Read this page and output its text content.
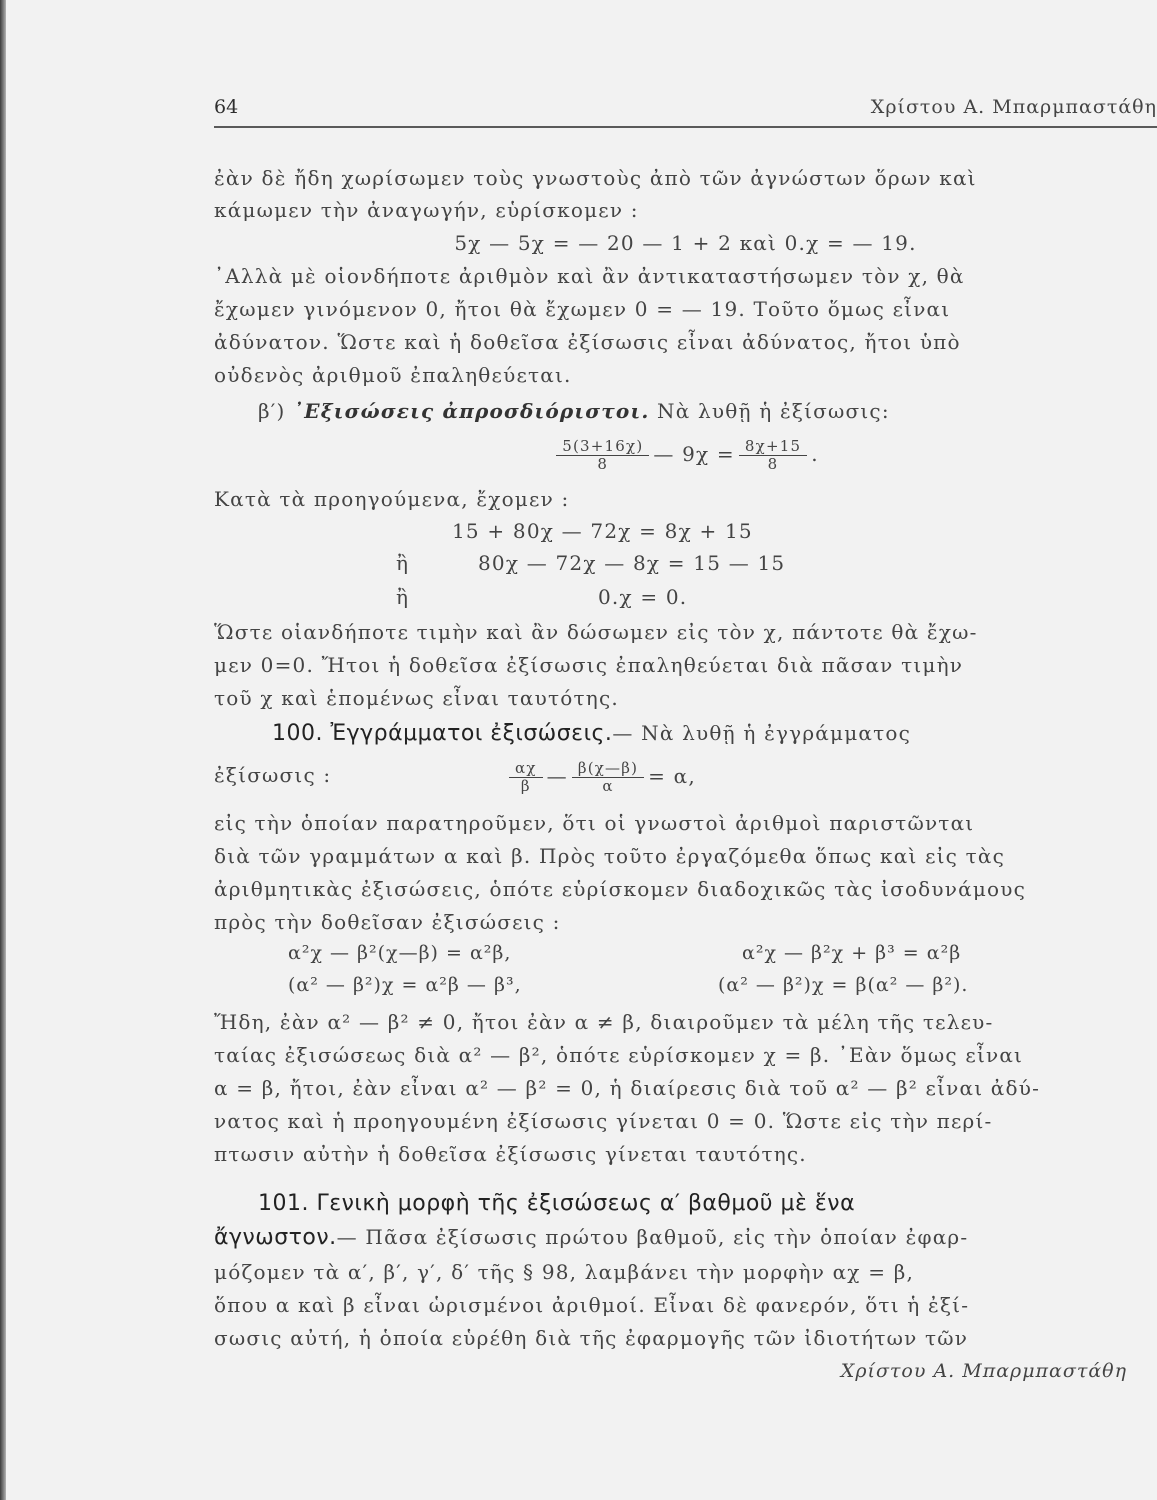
64	Χρίστου Α. Μπαρμπαστάθη
ἐὰν δὲ ἤδη χωρίσωμεν τοὺς γνωστοὺς ἀπὸ τῶν ἀγνώστων ὅρων καὶ
κάμωμεν τὴν ἀναγωγήν, εὑρίσκομεν :
5χ — 5χ = — 20 — 1 + 2 καὶ 0.χ = — 19.
᾿Αλλὰ μὲ οἱονδήποτε ἀριθμὸν καὶ ἂν ἀντικαταστήσωμεν τὸν χ, θὰ
ἔχωμεν γινόμενον 0, ἤτοι θὰ ἔχωμεν 0 = — 19. Τοῦτο ὅμως εἶναι
ἀδύνατον. Ὥστε καὶ ἡ δοθεῖσα ἐξίσωσις εἶναι ἀδύνατος, ἤτοι ὑπὸ
οὐδενὸς ἀριθμοῦ ἐπαληθεύεται.
β′) ᾿Εξισώσεις ἀπροσδιόριστοι. Νὰ λυθῇ ἡ ἐξίσωσις:
$\frac{5(3+16\chi)}{8}$ — $9\chi = \frac{8\chi+15}{8}$ .
Κατὰ τὰ προηγούμενα, ἔχομεν :
15 + 80χ — 72χ = 8χ + 15
ἢ	80χ — 72χ — 8χ = 15 — 15
ἢ	0.χ = 0.
Ὥστε οἱανδήποτε τιμὴν καὶ ἂν δώσωμεν εἰς τὸν χ, πάντοτε θὰ ἔχω-
μεν 0=0. Ἤτοι ἡ δοθεῖσα ἐξίσωσις ἐπαληθεύεται διὰ πᾶσαν τιμὴν
τοῦ χ καὶ ἑπομένως εἶναι ταυτότης.
100. Ἐγγράμματοι ἐξισώσεις.— Νὰ λυθῇ ἡ ἐγγράμματος
ἐξίσωσις :	$\frac{\alpha\chi}{\beta}$ — $\frac{\beta(\chi—\beta)}{\alpha} = \alpha$,
εἰς τὴν ὁποίαν παρατηροῦμεν, ὅτι οἱ γνωστοὶ ἀριθμοὶ παριστῶνται
διὰ τῶν γραμμάτων α καὶ β. Πρὸς τοῦτο ἐργαζόμεθα ὅπως καὶ εἰς τὰς
ἀριθμητικὰς ἐξισώσεις, ὁπότε εὑρίσκομεν διαδοχικῶς τὰς ἰσοδυνάμους
πρὸς τὴν δοθεῖσαν ἐξισώσεις :
α²χ — β²(χ—β) = α²β,	α²χ — β²χ + β³ = α²β
(α² — β²)χ = α²β — β³,	(α² — β²)χ = β(α² — β²).
Ἤδη, ἐὰν α² — β² ≠ 0, ἤτοι ἐὰν α ≠ β, διαιροῦμεν τὰ μέλη τῆς τελευ-
ταίας ἐξισώσεως διὰ α² — β², ὁπότε εὑρίσκομεν χ = β. ᾿Εὰν ὅμως εἶναι
α = β, ἤτοι, ἐὰν εἶναι α² — β² = 0, ἡ διαίρεσις διὰ τοῦ α² — β² εἶναι ἀδύ-
νατος καὶ ἡ προηγουμένη ἐξίσωσις γίνεται 0 = 0. Ὥστε εἰς τὴν περί-
πτωσιν αὐτὴν ἡ δοθεῖσα ἐξίσωσις γίνεται ταυτότης.
101. Γενικὴ μορφὴ τῆς ἐξισώσεως α′ βαθμοῦ μὲ ἕνα
ἄγνωστον.— Πᾶσα ἐξίσωσις πρώτου βαθμοῦ, εἰς τὴν ὁποίαν ἐφαρ-
μόζομεν τὰ α′, β′, γ′, δ′ τῆς § 98, λαμβάνει τὴν μορφὴν αχ = β,
ὅπου α καὶ β εἶναι ὡρισμένοι ἀριθμοί. Εἶναι δὲ φανερόν, ὅτι ἡ ἐξί-
σωσις αὐτή, ἡ ὁποία εὑρέθη διὰ τῆς ἐφαρμογῆς τῶν ἰδιοτήτων τῶν
Χρίστου Α. Μπαρμπαστάθη
